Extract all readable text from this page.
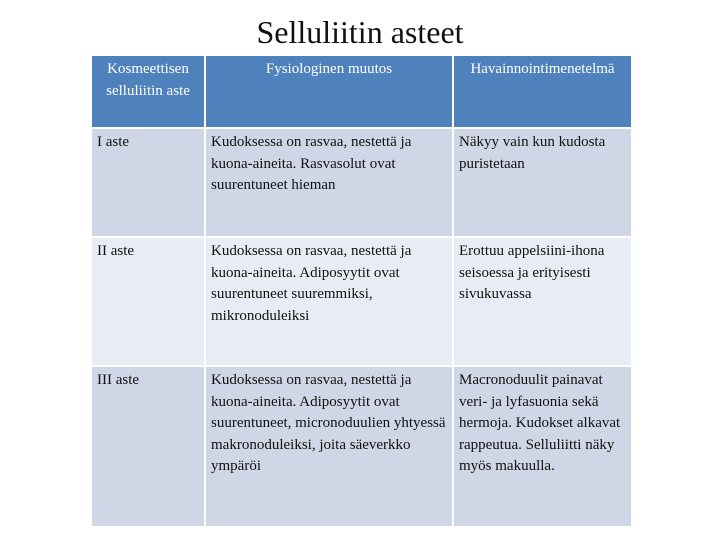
Selluliitin asteet
Kosmeettisen selluliitin aste	Fysiologinen muutos	Havainnointimenetelmä

I aste	Kudoksessa on rasvaa, nestettä ja kuona-aineita. Rasvasolut ovat suurentuneet hieman	Näkyy vain kun kudosta puristetaan

II aste	Kudoksessa on rasvaa, nestettä ja kuona-aineita. Adiposyytit ovat suurentuneet suuremmiksi, mikronoduleiksi	Erottuu appelsiini-ihona seisoessa ja erityisesti sivukuvassa

III aste	Kudoksessa on rasvaa, nestettä ja kuona-aineita. Adiposyytit ovat suurentuneet, micronoduulien yhtyessä makronoduleiksi, joita säeverkko ympäröi	Macronoduulit painavat veri- ja lyfasuonia sekä hermoja. Kudokset alkavat rappeutua. Selluliitti näky myös makuulla.
